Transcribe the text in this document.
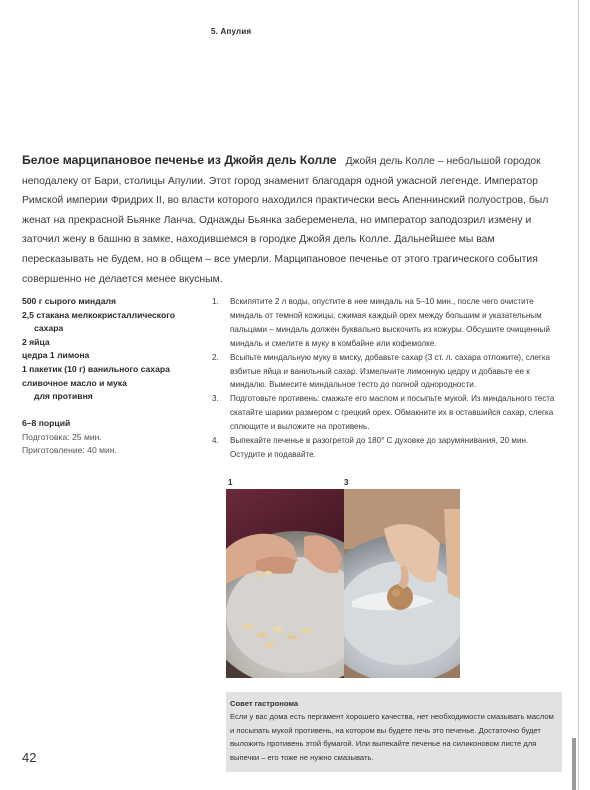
5. Апулия
Белое марципановое печенье из Джойя дель Колле Джойя дель Колле – небольшой городок неподалеку от Бари, столицы Апулии. Этот город знаменит благодаря одной ужасной легенде. Император Римской империи Фридрих II, во власти которого находился практически весь Апеннинский полуостров, был женат на прекрасной Бьянке Ланча. Однажды Бьянка забеременела, но император заподозрил измену и заточил жену в башню в замке, находившемся в городке Джойя дель Колле. Дальнейшее мы вам пересказывать не будем, но в общем – все умерли. Марципановое печенье от этого трагического события совершенно не делается менее вкусным.
500 г сырого миндаля
2,5 стакана мелкокристаллического
сахара
2 яйца
цедра 1 лимона
1 пакетик (10 г) ванильного сахара
сливочное масло и мука
для противня
6–8 порций
Подготовка: 25 мин.
Приготовление: 40 мин.
1. Вскипятите 2 л воды, опустите в нее миндаль на 5–10 мин., после чего очистите миндаль от темной кожицы, сжимая каждый орех между большим и указательным пальцами – миндаль должен буквально выскочить из кожуры. Обсушите очищенный миндаль и смелите в муку в комбайне или кофемолке.
2. Всыпьте миндальную муку в миску, добавьте сахар (3 ст. л. сахара отложите), слегка взбитые яйца и ванильный сахар. Измельчите лимонную цедру и добавьте ее к миндалю. Вымесите миндальное тесто до полной однородности.
3. Подготовьте противень: смажьте его маслом и посыпьте мукой. Из миндального теста скатайте шарики размером с грецкий орех. Обмакните их в оставшийся сахар, слегка сплющите и выложите на противень.
4. Выпекайте печенье в разогретой до 180° С духовке до зарумянивания, 20 мин. Остудите и подавайте.
1	3
Совет гастронома
Если у вас дома есть пергамент хорошего качества, нет необходимости смазывать маслом и посыпать мукой противень, на котором вы будете печь это печенье. Достаточно будет выложить противень этой бумагой. Или выпекайте печенье на силиконовом листе для выпечки – его тоже не нужно смазывать.
42
